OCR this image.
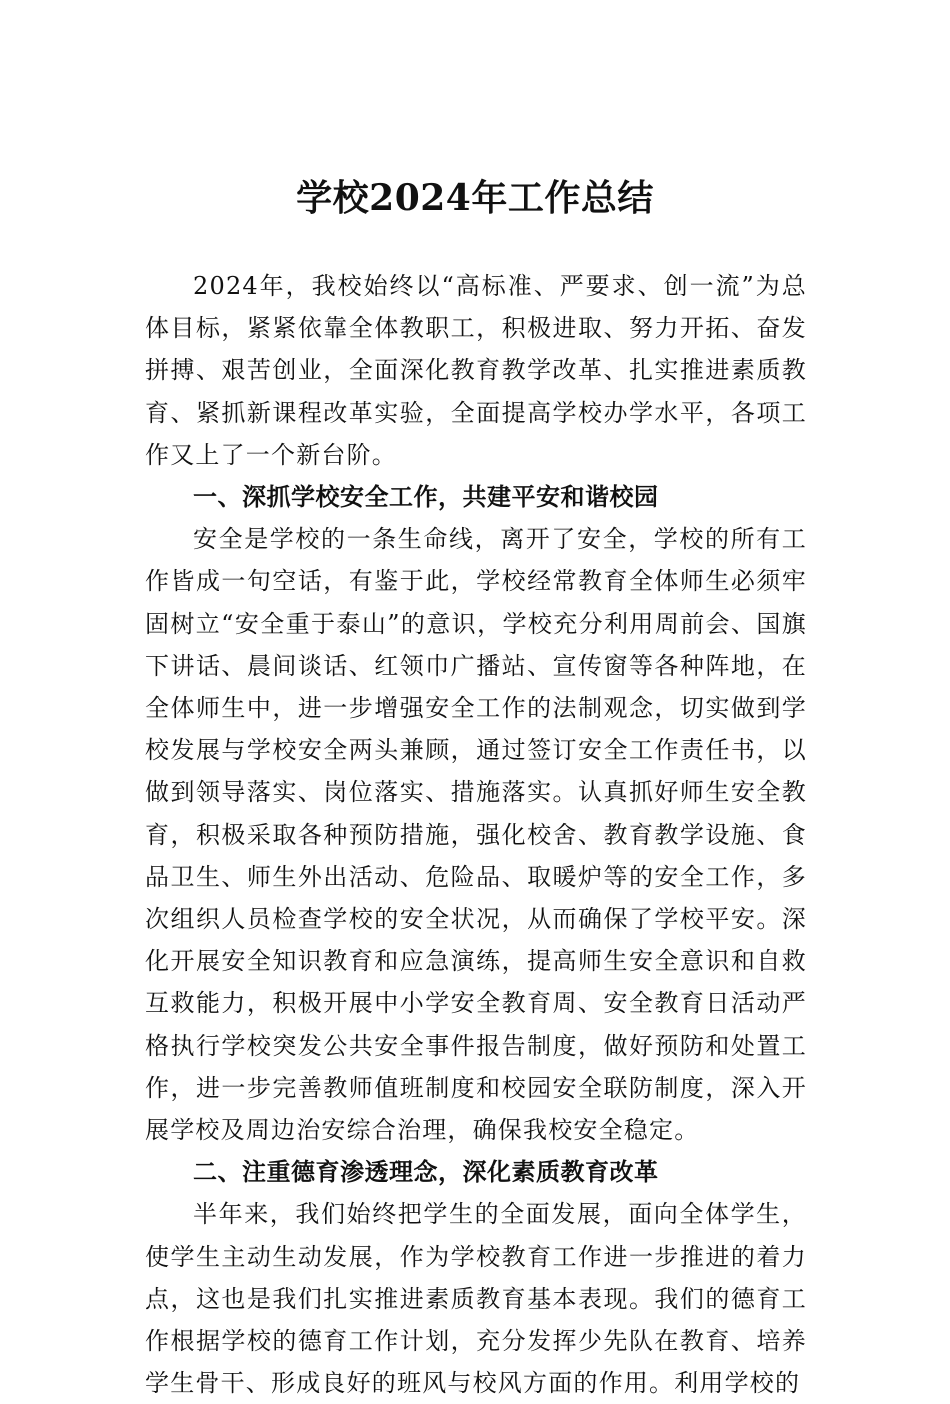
学校2024年工作总结

2024年，我校始终以“高标准、严要求、创一流”为总体目标，紧紧依靠全体教职工，积极进取、努力开拓、奋发拼搏、艰苦创业，全面深化教育教学改革、扎实推进素质教育、紧抓新课程改革实验，全面提高学校办学水平，各项工作又上了一个新台阶。

一、深抓学校安全工作，共建平安和谐校园

安全是学校的一条生命线，离开了安全，学校的所有工作皆成一句空话，有鉴于此，学校经常教育全体师生必须牢固树立“安全重于泰山”的意识，学校充分利用周前会、国旗下讲话、晨间谈话、红领巾广播站、宣传窗等各种阵地，在全体师生中，进一步增强安全工作的法制观念，切实做到学校发展与学校安全两头兼顾，通过签订安全工作责任书，以做到领导落实、岗位落实、措施落实。认真抓好师生安全教育，积极采取各种预防措施，强化校舍、教育教学设施、食品卫生、师生外出活动、危险品、取暖炉等的安全工作，多次组织人员检查学校的安全状况，从而确保了学校平安。深化开展安全知识教育和应急演练，提高师生安全意识和自救互救能力，积极开展中小学安全教育周、安全教育日活动严格执行学校突发公共安全事件报告制度，做好预防和处置工作，进一步完善教师值班制度和校园安全联防制度，深入开展学校及周边治安综合治理，确保我校安全稳定。

二、注重德育渗透理念，深化素质教育改革

半年来，我们始终把学生的全面发展，面向全体学生，使学生主动生动发展，作为学校教育工作进一步推进的着力点，这也是我们扎实推进素质教育基本表现。我们的德育工作根据学校的德育工作计划，充分发挥少先队在教育、培养学生骨干、形成良好的班风与校风方面的作用。利用学校的
